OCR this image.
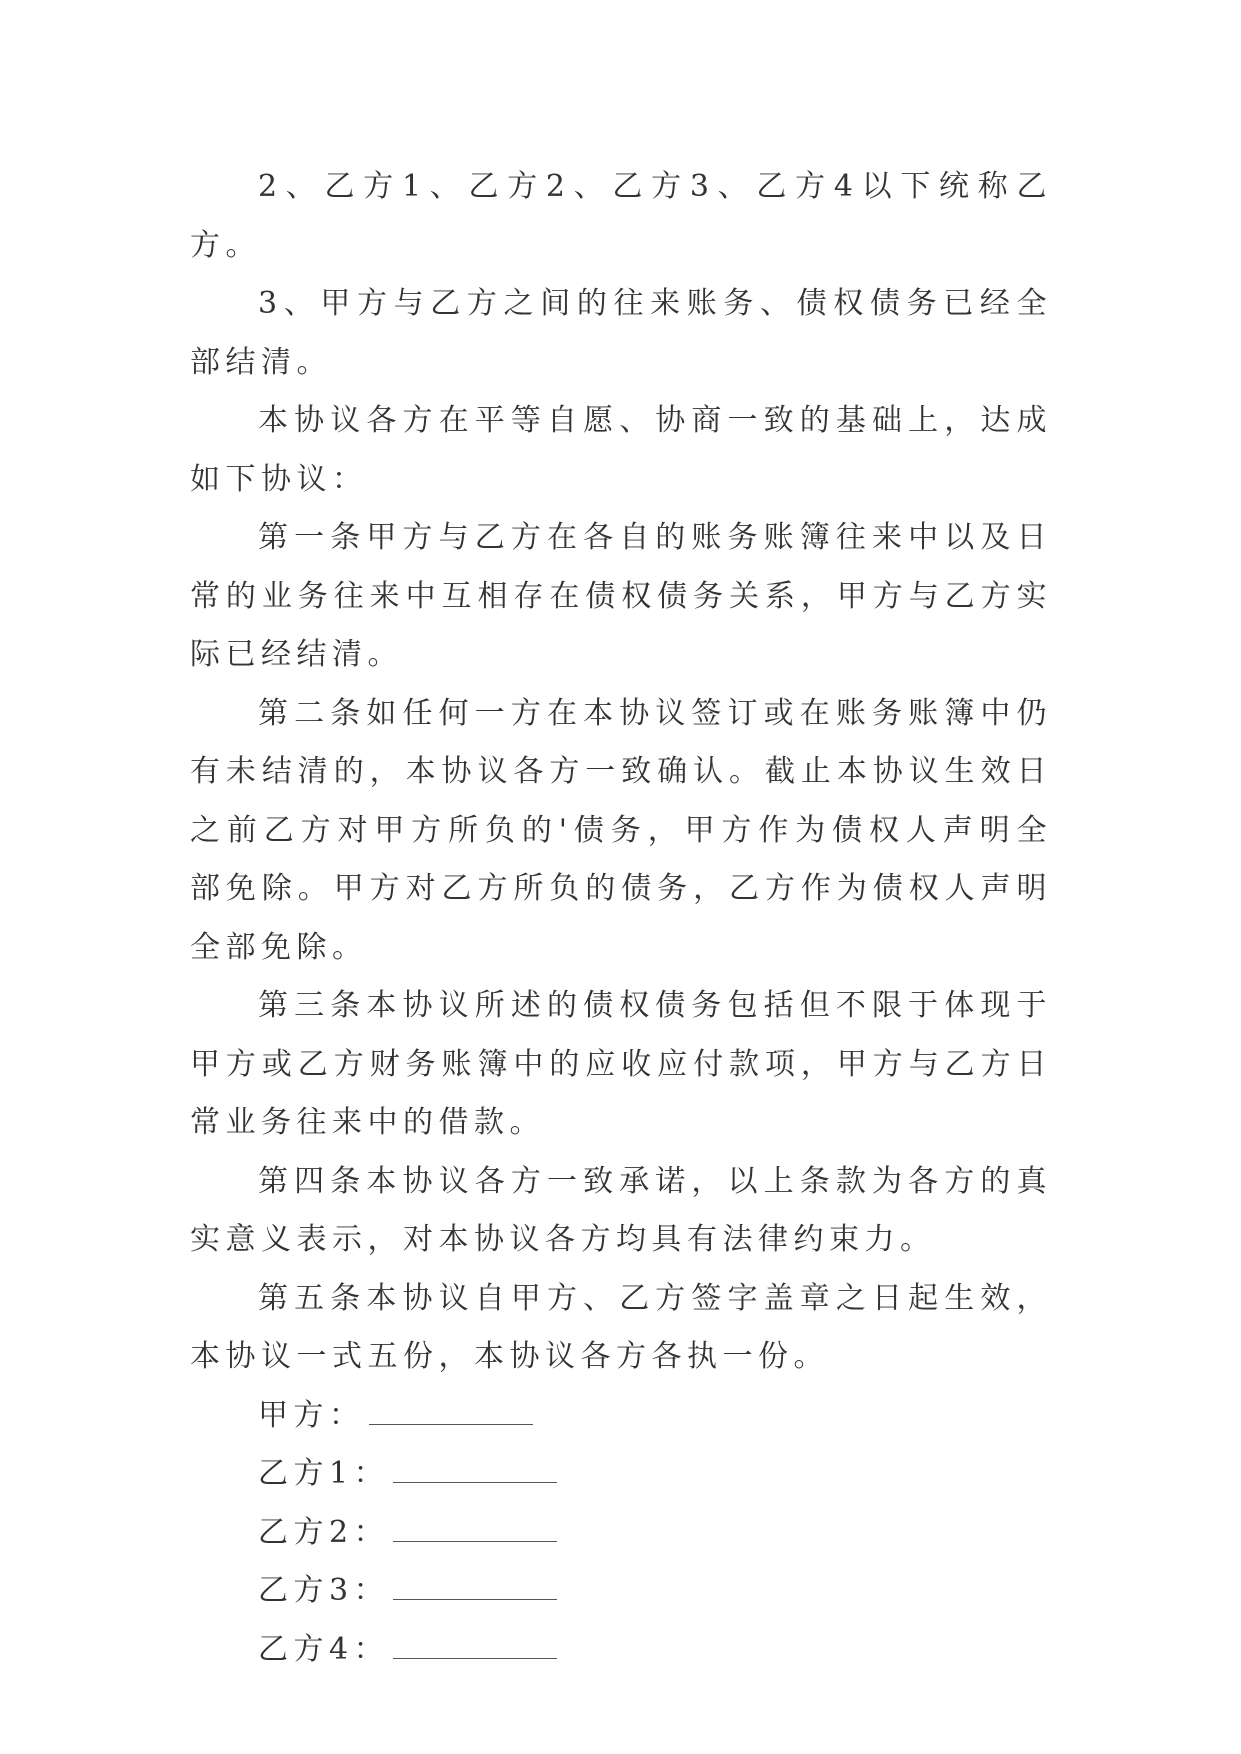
2、乙方1、乙方2、乙方3、乙方4以下统称乙方。

3、甲方与乙方之间的往来账务、债权债务已经全部结清。

本协议各方在平等自愿、协商一致的基础上，达成如下协议：

第一条甲方与乙方在各自的账务账簿往来中以及日常的业务往来中互相存在债权债务关系，甲方与乙方实际已经结清。

第二条如任何一方在本协议签订或在账务账簿中仍有未结清的，本协议各方一致确认。截止本协议生效日之前乙方对甲方所负的'债务，甲方作为债权人声明全部免除。甲方对乙方所负的债务，乙方作为债权人声明全部免除。

第三条本协议所述的债权债务包括但不限于体现于甲方或乙方财务账簿中的应收应付款项，甲方与乙方日常业务往来中的借款。

第四条本协议各方一致承诺，以上条款为各方的真实意义表示，对本协议各方均具有法律约束力。

第五条本协议自甲方、乙方签字盖章之日起生效，本协议一式五份，本协议各方各执一份。

甲方：
乙方1：
乙方2：
乙方3：
乙方4：
